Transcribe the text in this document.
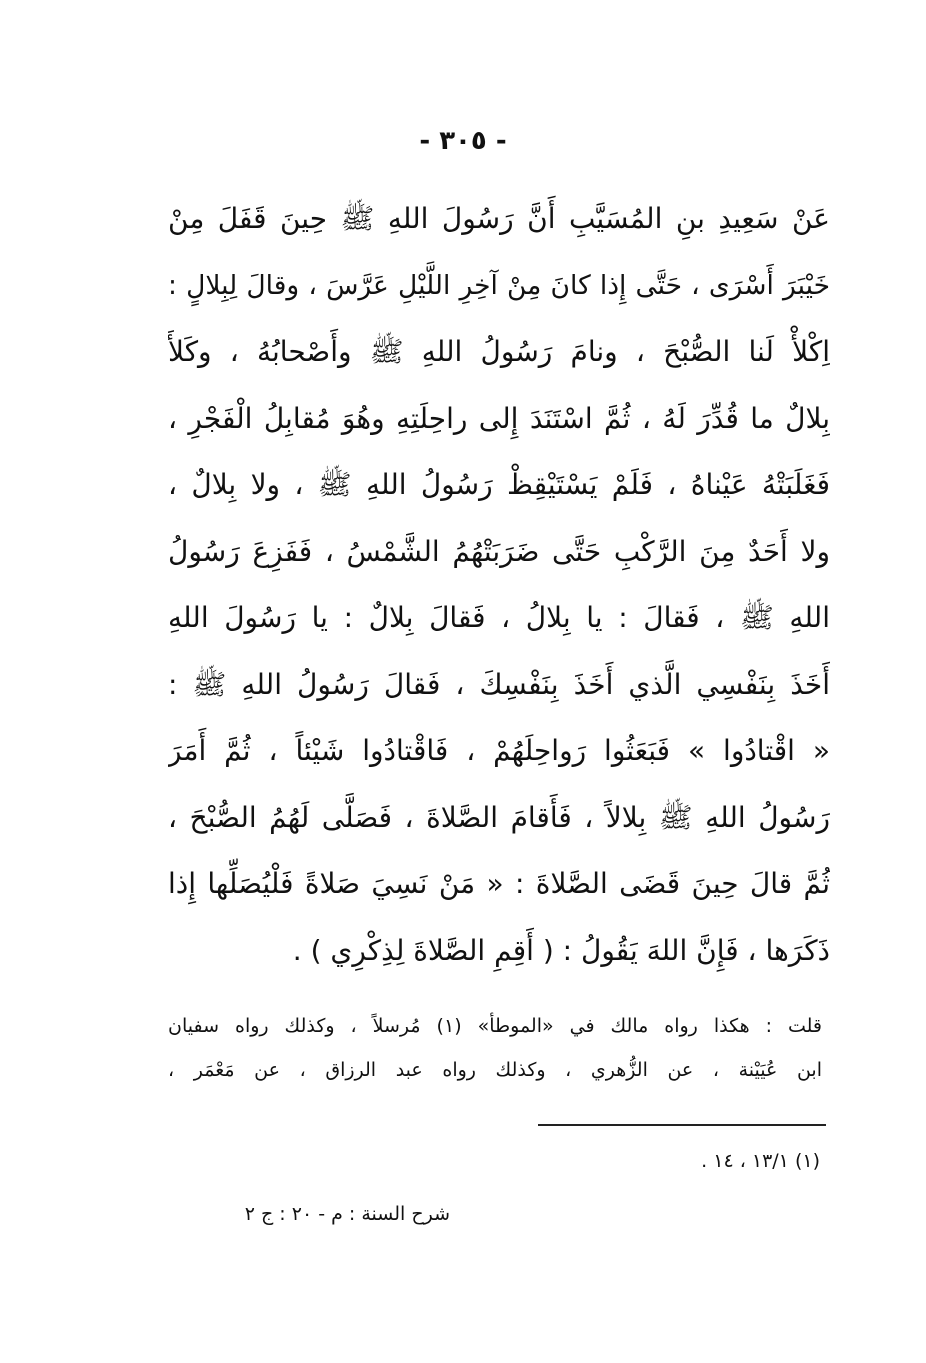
- ٣٠٥ -
عَنْ سَعِيدِ بنِ المُسَيَّبِ أَنَّ رَسُولَ اللهِ ﷺ حِينَ قَفَلَ مِنْ
خَيْبَرَ أَسْرَى ، حَتَّى إِذا كانَ مِنْ آخِرِ اللَّيْلِ عَرَّسَ ، وقالَ لِبِلالٍ :
اِكْلأْ لَنا الصُّبْحَ ، ونامَ رَسُولُ اللهِ ﷺ وأَصْحابُهُ ، وكَلأَ
بِلالٌ ما قُدِّرَ لَهُ ، ثُمَّ اسْتَنَدَ إِلى راحِلَتِهِ وهُوَ مُقابِلُ الْفَجْرِ ،
فَغَلَبَتْهُ عَيْناهُ ، فَلَمْ يَسْتَيْقِظْ رَسُولُ اللهِ ﷺ ، ولا بِلالٌ ،
ولا أَحَدٌ مِنَ الرَّكْبِ حَتَّى ضَرَبَتْهُمُ الشَّمْسُ ، فَفَزِعَ رَسُولُ
اللهِ ﷺ ، فَقالَ : يا بِلالُ ، فَقالَ بِلالٌ : يا رَسُولَ اللهِ
أَخَذَ بِنَفْسِي الَّذي أَخَذَ بِنَفْسِكَ ، فَقالَ رَسُولُ اللهِ ﷺ :
« اقْتادُوا » فَبَعَثُوا رَواحِلَهُمْ ، فَاقْتادُوا شَيْئاً ، ثُمَّ أَمَرَ
رَسُولُ اللهِ ﷺ بِلالاً ، فَأَقامَ الصَّلاةَ ، فَصَلَّى لَهُمُ الصُّبْحَ ،
ثُمَّ قالَ حِينَ قَضَى الصَّلاةَ : « مَنْ نَسِيَ صَلاةً فَلْيُصَلِّها إِذا
ذَكَرَها ، فَإِنَّ اللهَ يَقُولُ : ( أَقِمِ الصَّلاةَ لِذِكْرِي ) .
قلت : هكذا رواه مالك في «الموطأ» (١) مُرسلاً ، وكذلك رواه سفيان
ابن عُيَيْنة ، عن الزُّهري ، وكذلك رواه عبد الرزاق ، عن مَعْمَر ،
(١) ١٣/١ ، ١٤ .
شرح السنة : م - ٢٠ : ج ٢
